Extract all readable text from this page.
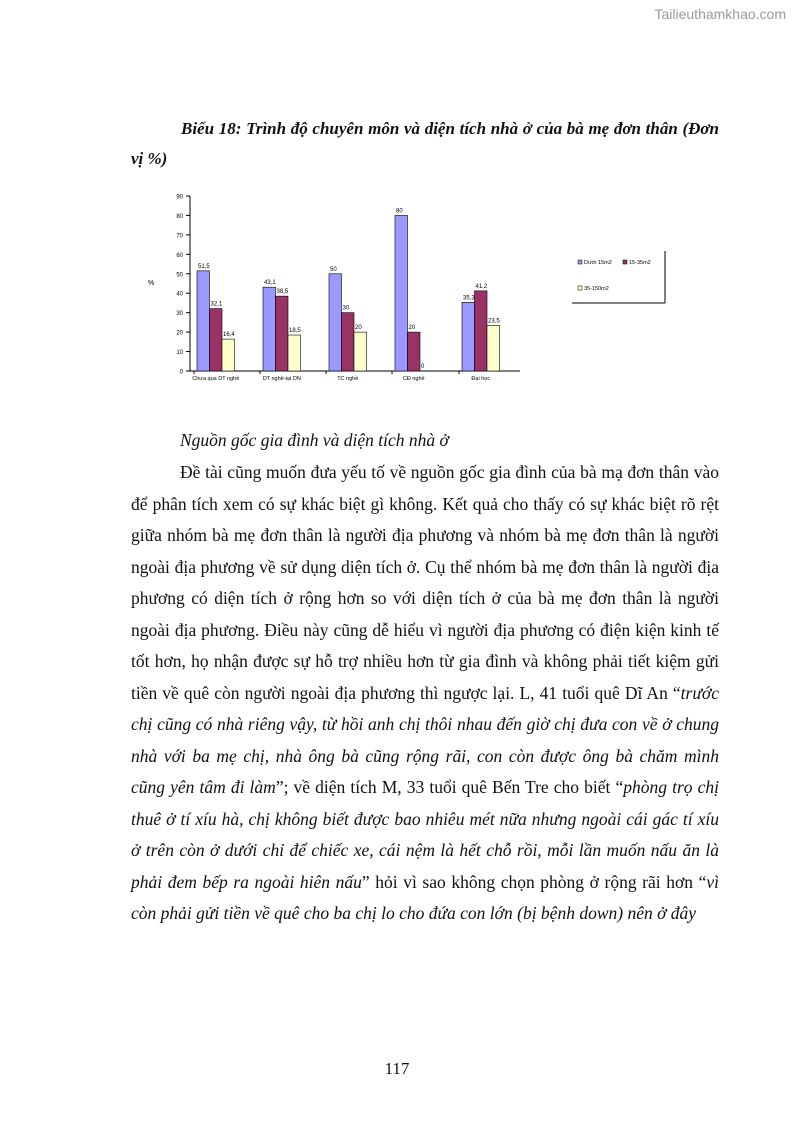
Tailieuthamkhao.com

Biểu 18: Trình độ chuyên môn và diện tích nhà ở của bà mẹ đơn thân (Đơn vị %)

0
10
20
30
40
50
60
70
80
90
%
51,5
32,1
16,4
Chưa qua DT nghề
43,1
38,5
18,5
DT nghề-tại DN
50
30
20
TC nghề
80
20
0
CĐ nghề
35,3
41,2
23,5
Đại học
Dưới 15m2	15-35m2
35-150m2

Nguồn gốc gia đình và diện tích nhà ở

Đề tài cũng muốn đưa yếu tố về nguồn gốc gia đình của bà mạ đơn thân vào để phân tích xem có sự khác biệt gì không. Kết quả cho thấy có sự khác biệt rõ rệt giữa nhóm bà mẹ đơn thân là người địa phương và nhóm bà mẹ đơn thân là người ngoài địa phương về sử dụng diện tích ở. Cụ thể nhóm bà mẹ đơn thân là người địa phương có diện tích ở rộng hơn so với diện tích ở của bà mẹ đơn thân là người ngoài địa phương. Điều này cũng dễ hiểu vì người địa phương có điện kiện kinh tế tốt hơn, họ nhận được sự hỗ trợ nhiều hơn từ gia đình và không phải tiết kiệm gửi tiền về quê còn người ngoài địa phương thì ngược lại. L, 41 tuổi quê Dĩ An “trước chị cũng có nhà riêng vậy, từ hồi anh chị thôi nhau đến giờ chị đưa con về ở chung nhà với ba mẹ chị, nhà ông bà cũng rộng rãi, con còn được ông bà chăm mình cũng yên tâm đi làm”; về diện tích M, 33 tuổi quê Bến Tre cho biết “phòng trọ chị thuê ở tí xíu hà, chị không biết được bao nhiêu mét nữa nhưng ngoài cái gác tí xíu ở trên còn ở dưới chỉ để chiếc xe, cái nệm là hết chỗ rồi, mỗi lần muốn nấu ăn là phải đem bếp ra ngoài hiên nấu” hỏi vì sao không chọn phòng ở rộng rãi hơn “vì còn phải gửi tiền về quê cho ba chị lo cho đứa con lớn (bị bệnh down) nên ở đây

117
